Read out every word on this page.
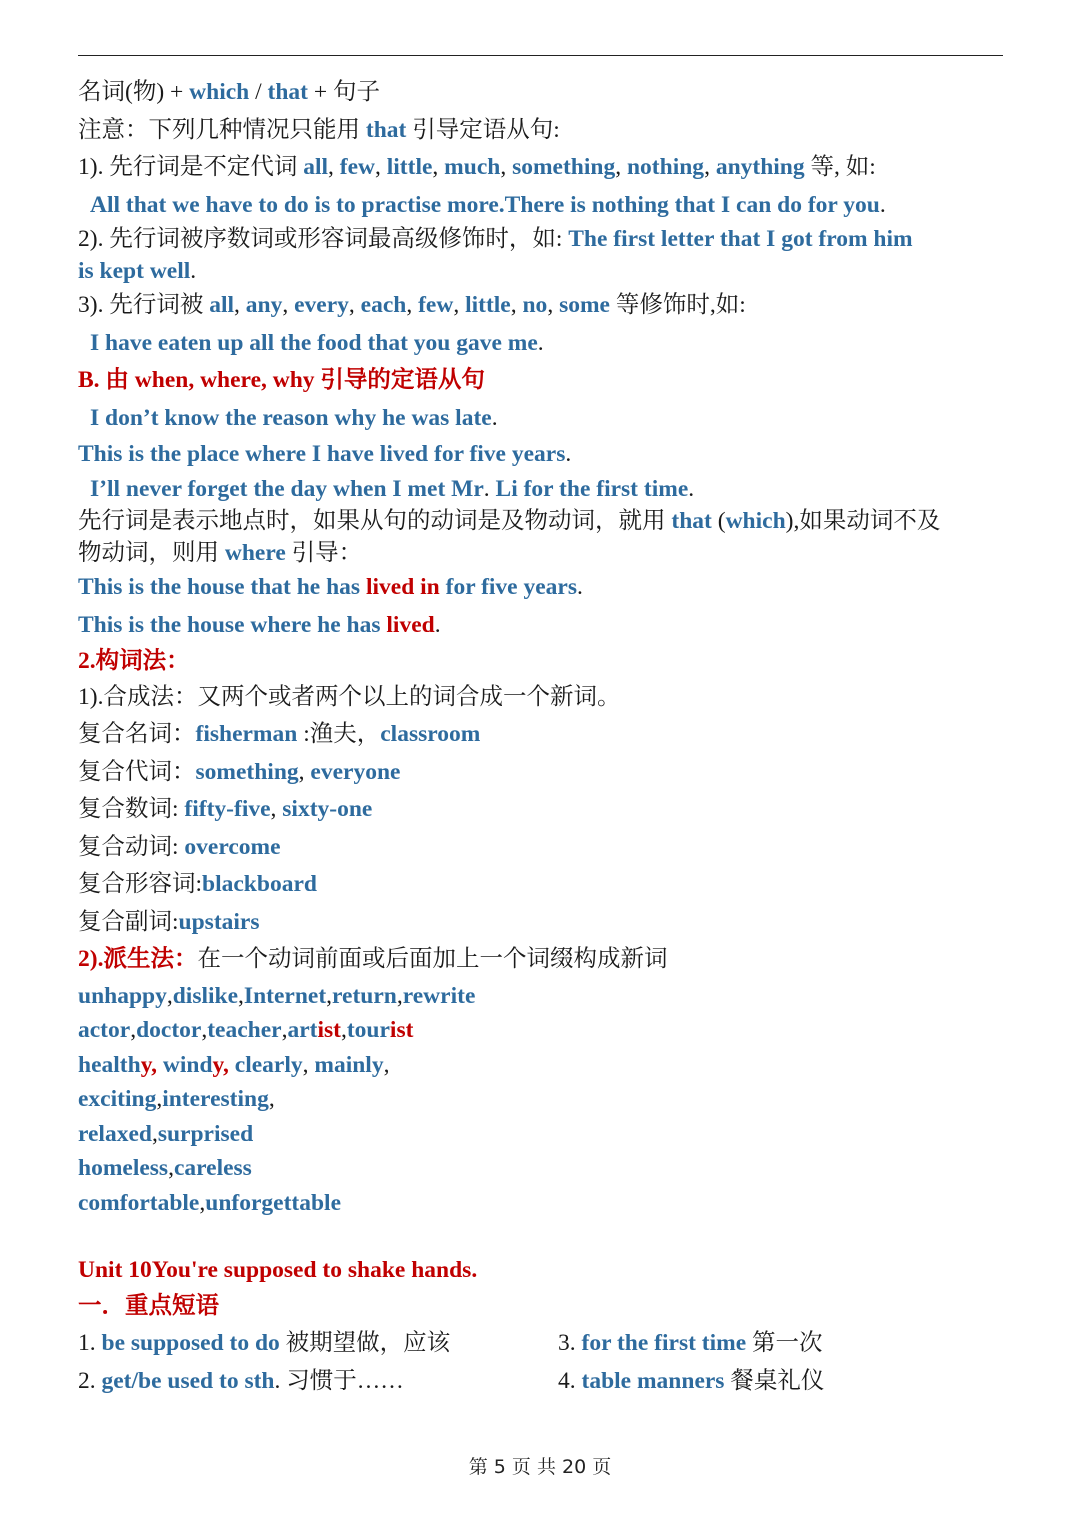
名词(物) + which / that + 句子
注意：下列几种情况只能用 that 引导定语从句:
1). 先行词是不定代词 all, few, little, much, something, nothing, anything 等, 如:
All that we have to do is to practise more.There is nothing that I can do for you.
2). 先行词被序数词或形容词最高级修饰时，如: The first letter that I got from him
is kept well.
3). 先行词被 all, any, every, each, few, little, no, some 等修饰时,如:
I have eaten up all the food that you gave me.
B. 由 when, where, why 引导的定语从句
I don’t know the reason why he was late.
This is the place where I have lived for five years.
I’ll never forget the day when I met Mr. Li for the first time.
先行词是表示地点时，如果从句的动词是及物动词，就用 that (which),如果动词不及
物动词，则用 where 引导：
This is the house that he has lived in for five years.
This is the house where he has lived.
2.构词法：
1).合成法：又两个或者两个以上的词合成一个新词。
复合名词：fisherman :渔夫，classroom
复合代词：something, everyone
复合数词: fifty-five, sixty-one
复合动词: overcome
复合形容词:blackboard
复合副词:upstairs
2).派生法：在一个动词前面或后面加上一个词缀构成新词
unhappy,dislike,Internet,return,rewrite
actor,doctor,teacher,artist,tourist
healthy, windy, clearly, mainly,
exciting,interesting,
relaxed,surprised
homeless,careless
comfortable,unforgettable
Unit 10You're supposed to shake hands.
一．重点短语
1. be supposed to do 被期望做，应该	3. for the first time 第一次
2. get/be used to sth. 习惯于……	4. table manners 餐桌礼仪
第 5 页 共 20 页
